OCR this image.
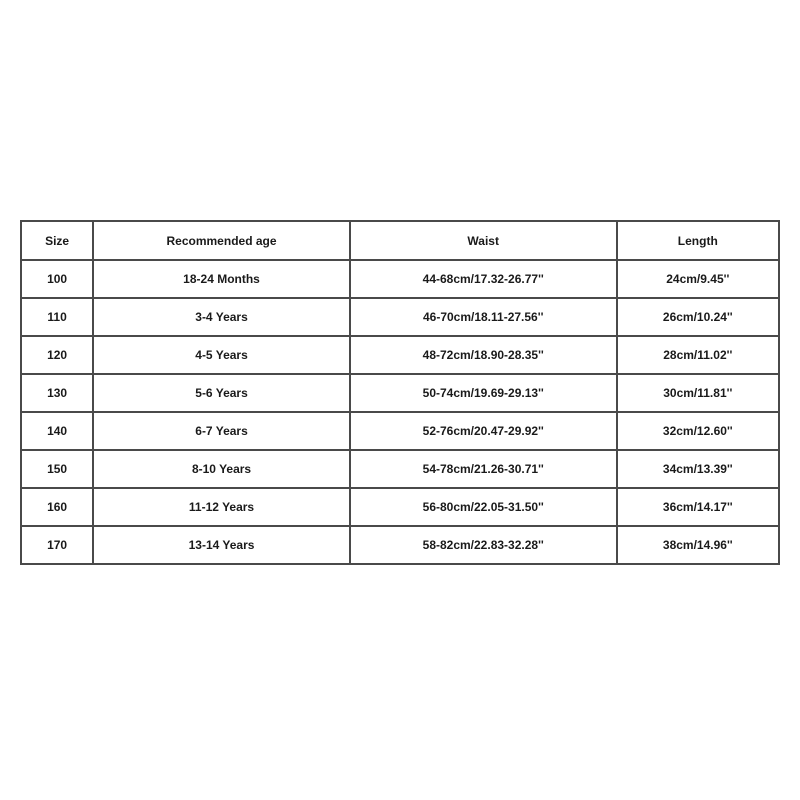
Size	Recommended age	Waist	Length
100	18-24 Months	44-68cm/17.32-26.77''	24cm/9.45''
110	3-4 Years	46-70cm/18.11-27.56''	26cm/10.24''
120	4-5 Years	48-72cm/18.90-28.35''	28cm/11.02''
130	5-6 Years	50-74cm/19.69-29.13''	30cm/11.81''
140	6-7 Years	52-76cm/20.47-29.92''	32cm/12.60''
150	8-10 Years	54-78cm/21.26-30.71''	34cm/13.39''
160	11-12 Years	56-80cm/22.05-31.50''	36cm/14.17''
170	13-14 Years	58-82cm/22.83-32.28''	38cm/14.96''
